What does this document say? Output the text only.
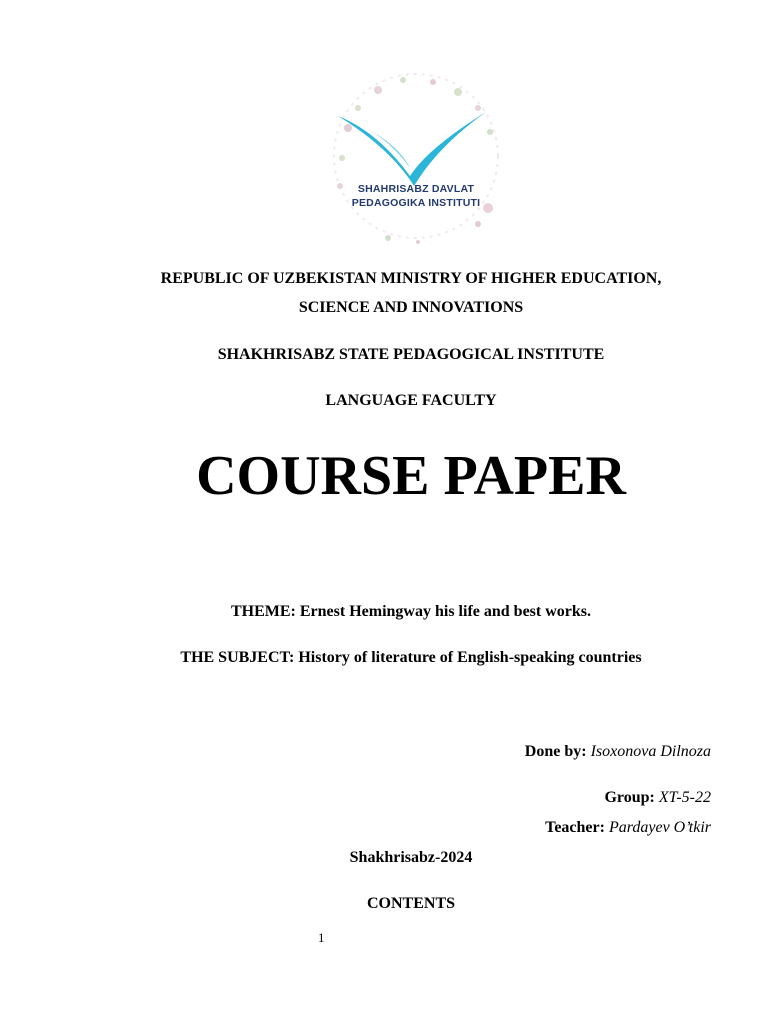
SHAHRISABZ DAVLAT
PEDAGOGIKA INSTITUTI
REPUBLIC OF UZBEKISTAN MINISTRY OF HIGHER EDUCATION,
SCIENCE AND INNOVATIONS
SHAKHRISABZ STATE PEDAGOGICAL INSTITUTE
LANGUAGE FACULTY
COURSE PAPER
THEME: Ernest Hemingway his life and best works.
THE SUBJECT: History of literature of English-speaking countries
Done by: Isoxonova Dilnoza
Group: XT-5-22
Teacher: Pardayev O’tkir
Shakhrisabz-2024
CONTENTS
1
